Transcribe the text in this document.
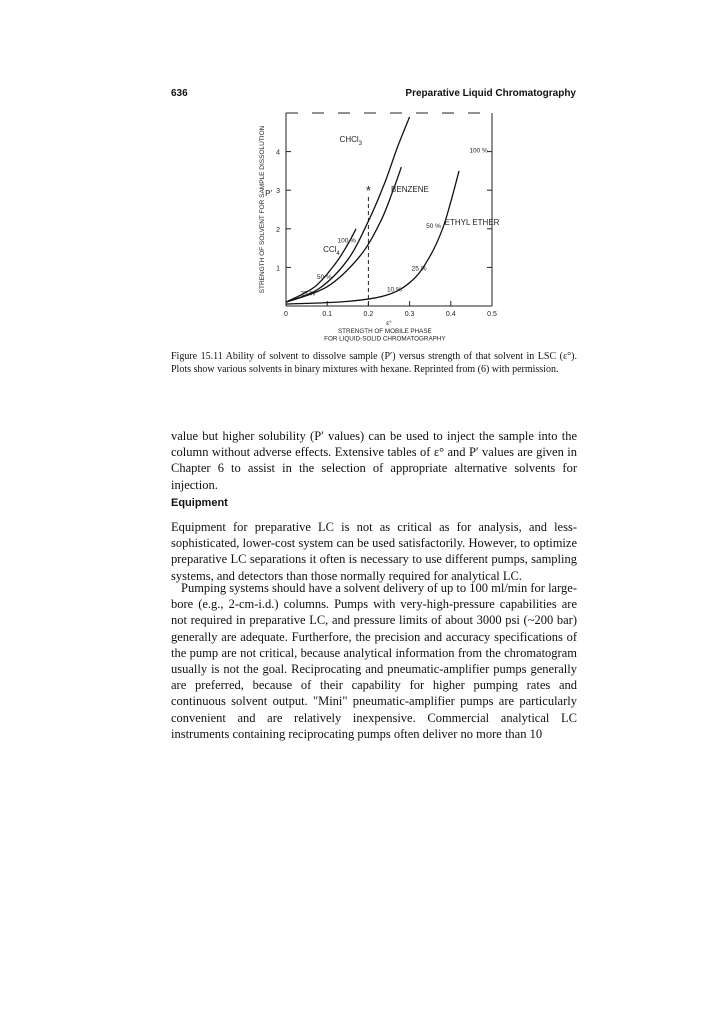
636	Preparative Liquid Chromatography
0	0.1	0.2	0.3	0.4	0.5
1
2
3
4
CHCl$_3$
CCl$_4$
BENZENE
ETHYL ETHER
100 %
50 %
25 %
10 %
100 %
50 %
25 %
*
P′
STRENGTH OF SOLVENT FOR SAMPLE DISSOLUTION
ε°
STRENGTH OF MOBILE PHASE FOR LIQUID-SOLID CHROMATOGRAPHY
Figure 15.11 Ability of solvent to dissolve sample (P′) versus strength of that solvent in LSC (ε°). Plots show various solvents in binary mixtures with hexane. Reprinted from (6) with permission.

value but higher solubility (P′ values) can be used to inject the sample into the column without adverse effects. Extensive tables of ε° and P′ values are given in Chapter 6 to assist in the selection of appropriate alternative solvents for injection.

Equipment

Equipment for preparative LC is not as critical as for analysis, and less-sophisticated, lower-cost system can be used satisfactorily. However, to optimize preparative LC separations it often is necessary to use different pumps, sampling systems, and detectors than those normally required for analytical LC.

Pumping systems should have a solvent delivery of up to 100 ml/min for large-bore (e.g., 2-cm-i.d.) columns. Pumps with very-high-pressure capabilities are not required in preparative LC, and pressure limits of about 3000 psi (~200 bar) generally are adequate. Furtherfore, the precision and accuracy specifications of the pump are not critical, because analytical information from the chromatogram usually is not the goal. Reciprocating and pneumatic-amplifier pumps generally are preferred, because of their capability for higher pumping rates and continuous solvent output. "Mini" pneumatic-amplifier pumps are particularly convenient and are relatively inexpensive. Commercial analytical LC instruments containing reciprocating pumps often deliver no more than 10
